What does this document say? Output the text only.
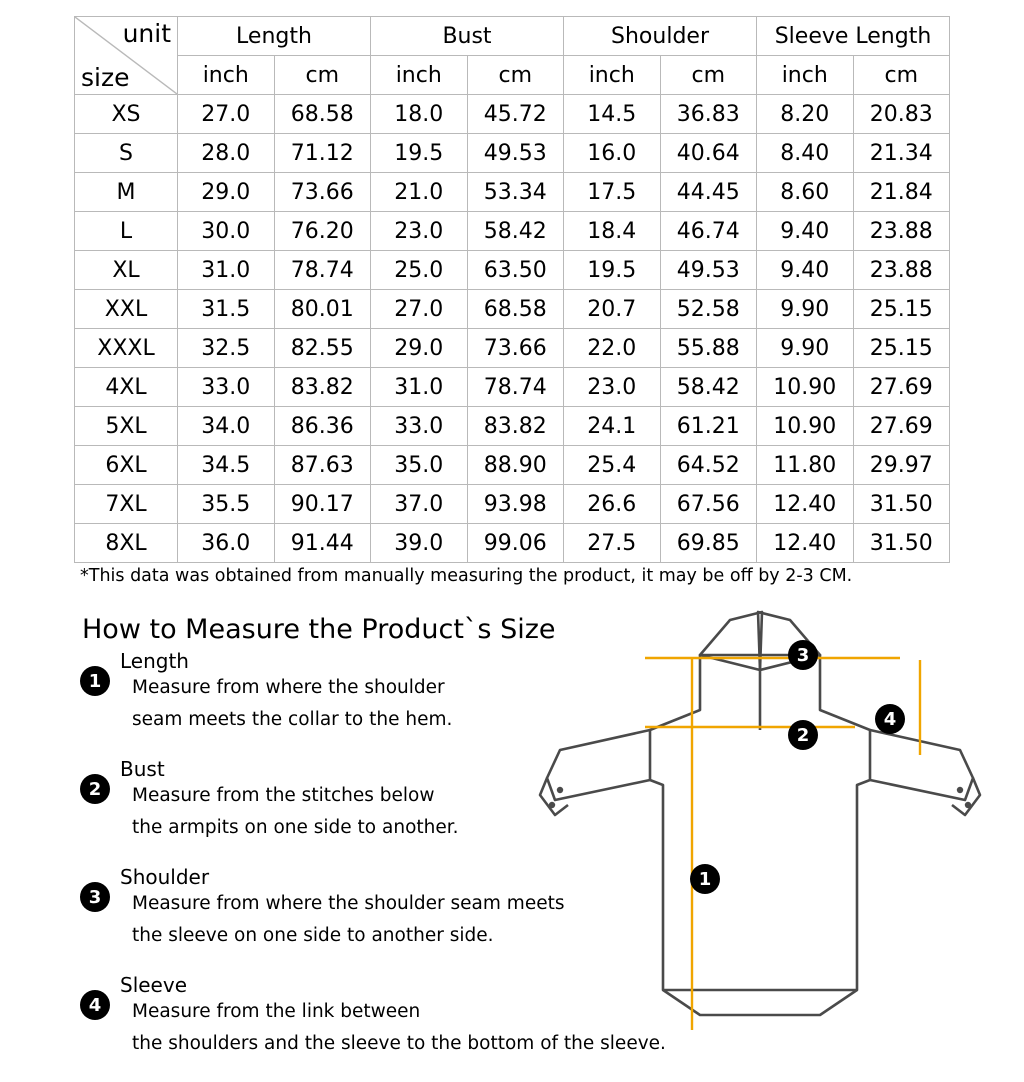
unit
size	Length		Bust		Shoulder		Sleeve Length	
	inch	cm	inch	cm	inch	cm	inch	cm
XS	27.0	68.58	18.0	45.72	14.5	36.83	8.20	20.83
S	28.0	71.12	19.5	49.53	16.0	40.64	8.40	21.34
M	29.0	73.66	21.0	53.34	17.5	44.45	8.60	21.84
L	30.0	76.20	23.0	58.42	18.4	46.74	9.40	23.88
XL	31.0	78.74	25.0	63.50	19.5	49.53	9.40	23.88
XXL	31.5	80.01	27.0	68.58	20.7	52.58	9.90	25.15
XXXL	32.5	82.55	29.0	73.66	22.0	55.88	9.90	25.15
4XL	33.0	83.82	31.0	78.74	23.0	58.42	10.90	27.69
5XL	34.0	86.36	33.0	83.82	24.1	61.21	10.90	27.69
6XL	34.5	87.63	35.0	88.90	25.4	64.52	11.80	29.97
7XL	35.5	90.17	37.0	93.98	26.6	67.56	12.40	31.50
8XL	36.0	91.44	39.0	99.06	27.5	69.85	12.40	31.50
*This data was obtained from manually measuring the product, it may be off by 2-3 CM.
How to Measure the Product`s Size
1
Length
Measure from where the shoulder
seam meets the collar to the hem.
2
Bust
Measure from the stitches below
the armpits on one side to another.
3
Shoulder
Measure from where the shoulder seam meets
the sleeve on one side to another side.
4
Sleeve
Measure from the link between
the shoulders and the sleeve to the bottom of the sleeve.
1
2
3
4
